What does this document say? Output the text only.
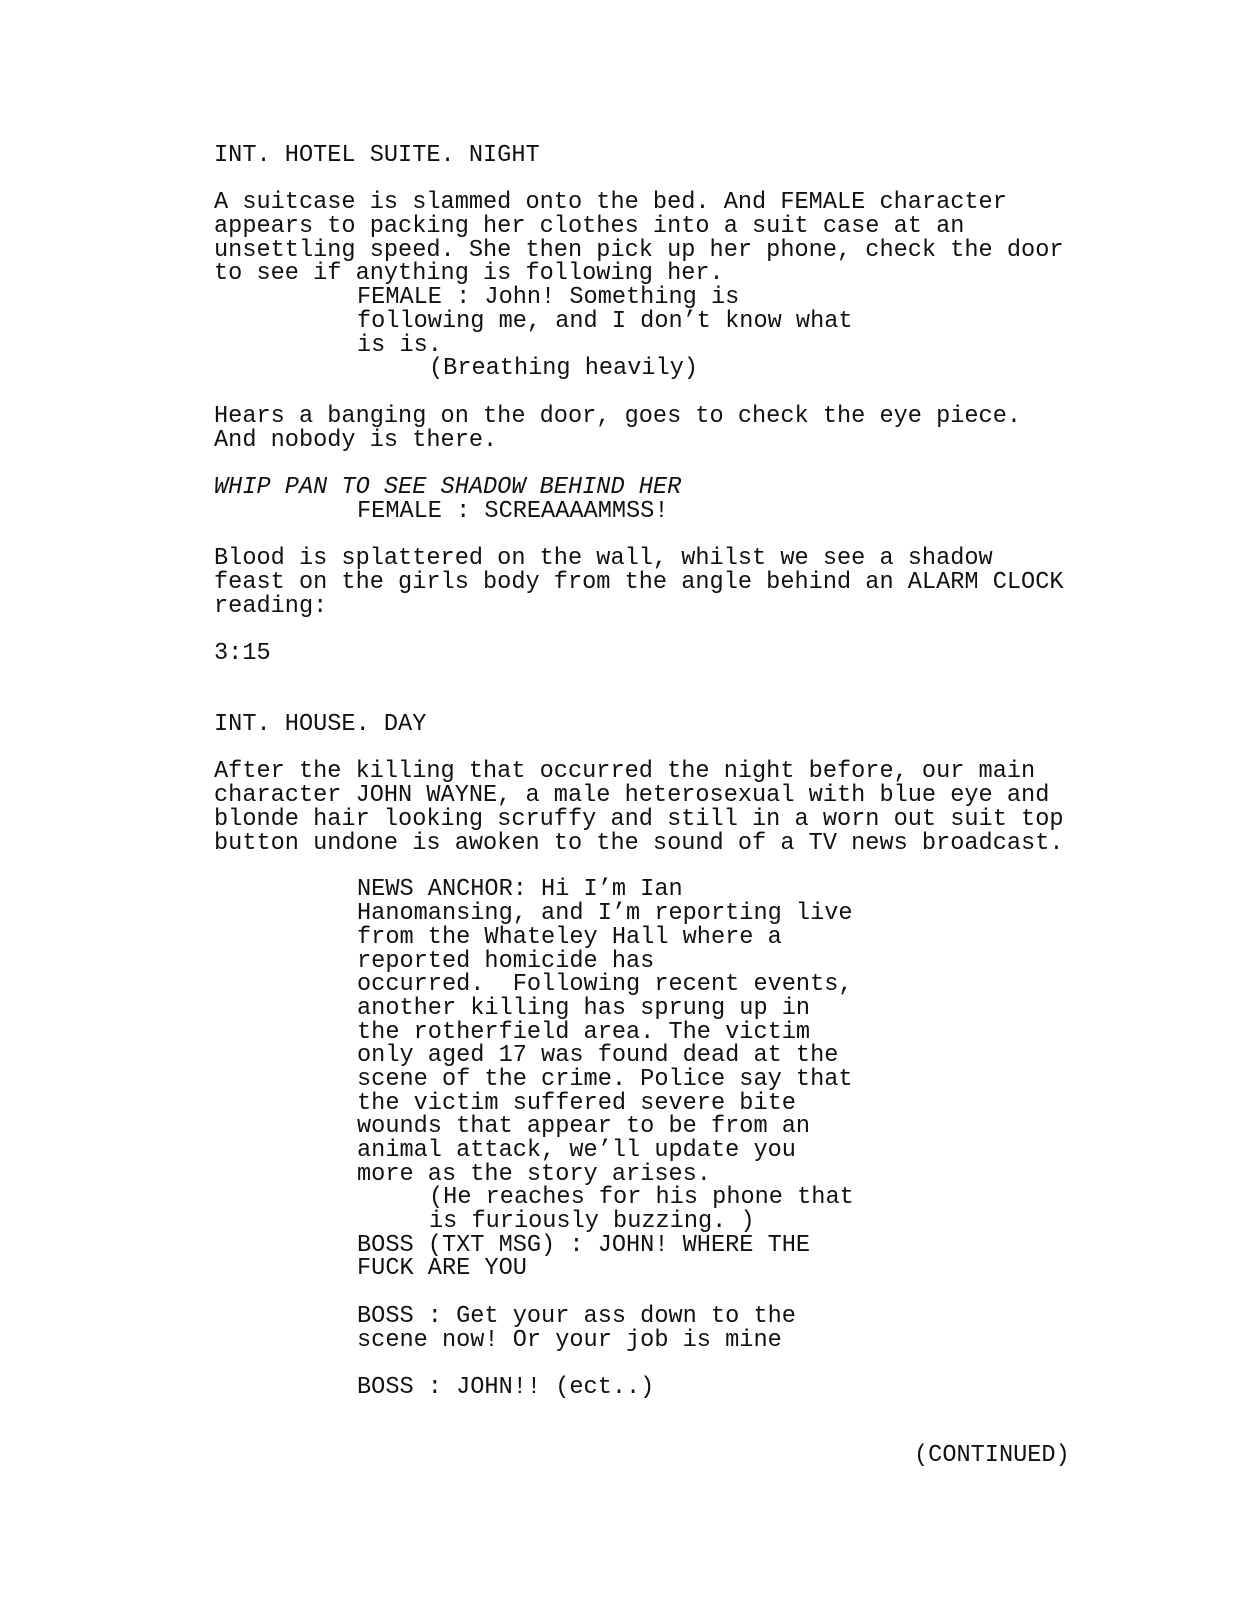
INT. HOTEL SUITE. NIGHT
A suitcase is slammed onto the bed. And FEMALE character
appears to packing her clothes into a suit case at an
unsettling speed. She then pick up her phone, check the door
to see if anything is following her.
FEMALE : John! Something is
following me, and I don’t know what
is is.
(Breathing heavily)
Hears a banging on the door, goes to check the eye piece.
And nobody is there.
WHIP PAN TO SEE SHADOW BEHIND HER
FEMALE : SCREAAAAMMSS!
Blood is splattered on the wall, whilst we see a shadow
feast on the girls body from the angle behind an ALARM CLOCK
reading:
3:15
INT. HOUSE. DAY
After the killing that occurred the night before, our main
character JOHN WAYNE, a male heterosexual with blue eye and
blonde hair looking scruffy and still in a worn out suit top
button undone is awoken to the sound of a TV news broadcast.
NEWS ANCHOR: Hi I’m Ian
Hanomansing, and I’m reporting live
from the Whateley Hall where a
reported homicide has
occurred.  Following recent events,
another killing has sprung up in
the rotherfield area. The victim
only aged 17 was found dead at the
scene of the crime. Police say that
the victim suffered severe bite
wounds that appear to be from an
animal attack, we’ll update you
more as the story arises.
(He reaches for his phone that
is furiously buzzing. )
BOSS (TXT MSG) : JOHN! WHERE THE
FUCK ARE YOU
BOSS : Get your ass down to the
scene now! Or your job is mine
BOSS : JOHN!! (ect..)
(CONTINUED)
